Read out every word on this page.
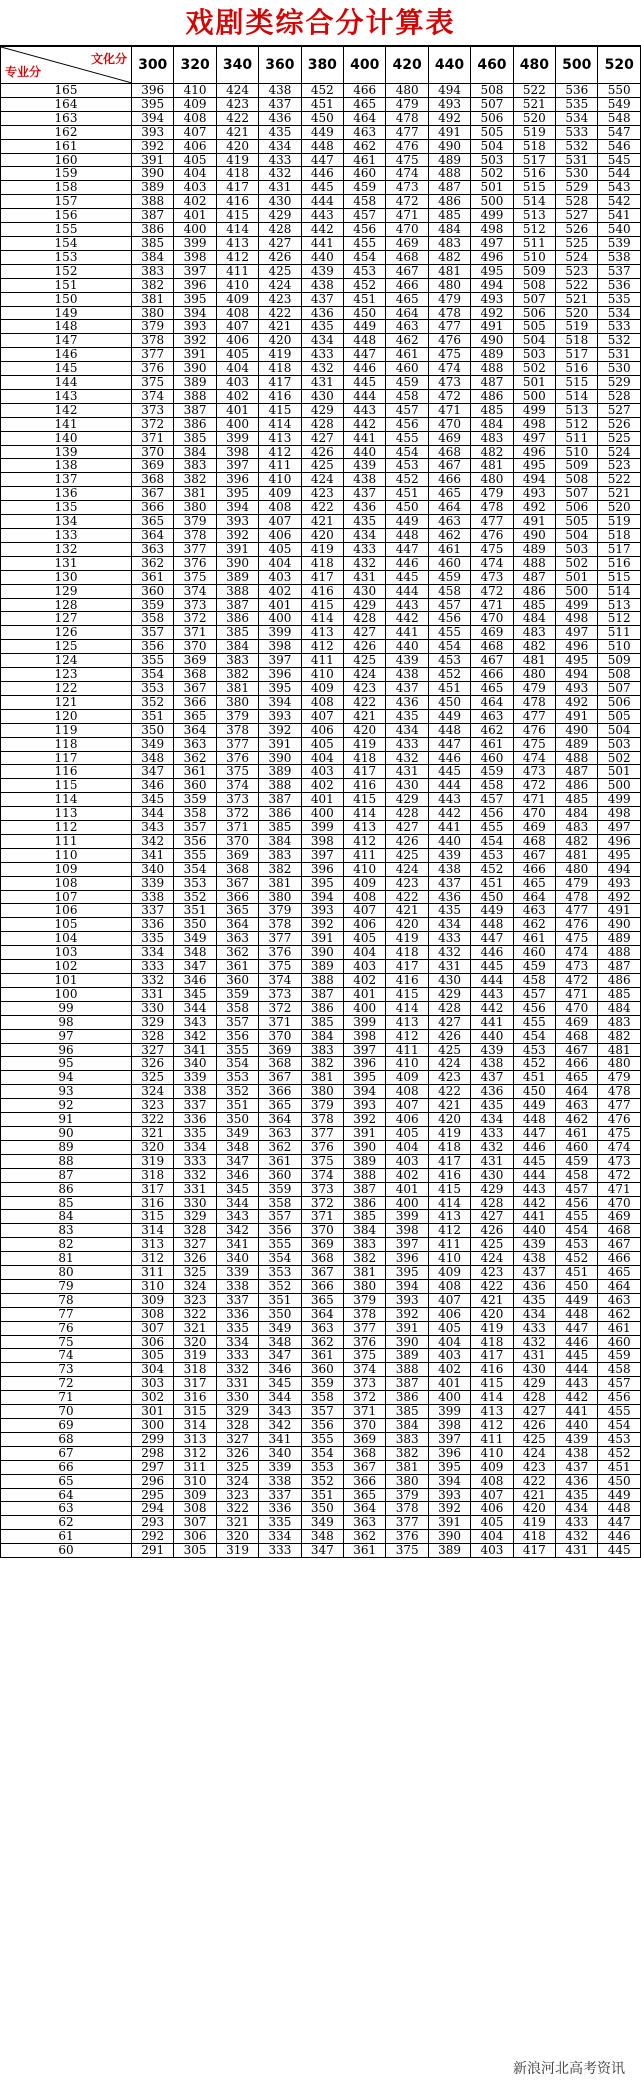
戏剧类综合分计算表
文化分
专业分	300	320	340	360	380	400	420	440	460	480	500	520
165	396	410	424	438	452	466	480	494	508	522	536	550
164	395	409	423	437	451	465	479	493	507	521	535	549
163	394	408	422	436	450	464	478	492	506	520	534	548
162	393	407	421	435	449	463	477	491	505	519	533	547
161	392	406	420	434	448	462	476	490	504	518	532	546
160	391	405	419	433	447	461	475	489	503	517	531	545
159	390	404	418	432	446	460	474	488	502	516	530	544
158	389	403	417	431	445	459	473	487	501	515	529	543
157	388	402	416	430	444	458	472	486	500	514	528	542
156	387	401	415	429	443	457	471	485	499	513	527	541
155	386	400	414	428	442	456	470	484	498	512	526	540
154	385	399	413	427	441	455	469	483	497	511	525	539
153	384	398	412	426	440	454	468	482	496	510	524	538
152	383	397	411	425	439	453	467	481	495	509	523	537
151	382	396	410	424	438	452	466	480	494	508	522	536
150	381	395	409	423	437	451	465	479	493	507	521	535
149	380	394	408	422	436	450	464	478	492	506	520	534
148	379	393	407	421	435	449	463	477	491	505	519	533
147	378	392	406	420	434	448	462	476	490	504	518	532
146	377	391	405	419	433	447	461	475	489	503	517	531
145	376	390	404	418	432	446	460	474	488	502	516	530
144	375	389	403	417	431	445	459	473	487	501	515	529
143	374	388	402	416	430	444	458	472	486	500	514	528
142	373	387	401	415	429	443	457	471	485	499	513	527
141	372	386	400	414	428	442	456	470	484	498	512	526
140	371	385	399	413	427	441	455	469	483	497	511	525
139	370	384	398	412	426	440	454	468	482	496	510	524
138	369	383	397	411	425	439	453	467	481	495	509	523
137	368	382	396	410	424	438	452	466	480	494	508	522
136	367	381	395	409	423	437	451	465	479	493	507	521
135	366	380	394	408	422	436	450	464	478	492	506	520
134	365	379	393	407	421	435	449	463	477	491	505	519
133	364	378	392	406	420	434	448	462	476	490	504	518
132	363	377	391	405	419	433	447	461	475	489	503	517
131	362	376	390	404	418	432	446	460	474	488	502	516
130	361	375	389	403	417	431	445	459	473	487	501	515
129	360	374	388	402	416	430	444	458	472	486	500	514
128	359	373	387	401	415	429	443	457	471	485	499	513
127	358	372	386	400	414	428	442	456	470	484	498	512
126	357	371	385	399	413	427	441	455	469	483	497	511
125	356	370	384	398	412	426	440	454	468	482	496	510
124	355	369	383	397	411	425	439	453	467	481	495	509
123	354	368	382	396	410	424	438	452	466	480	494	508
122	353	367	381	395	409	423	437	451	465	479	493	507
121	352	366	380	394	408	422	436	450	464	478	492	506
120	351	365	379	393	407	421	435	449	463	477	491	505
119	350	364	378	392	406	420	434	448	462	476	490	504
118	349	363	377	391	405	419	433	447	461	475	489	503
117	348	362	376	390	404	418	432	446	460	474	488	502
116	347	361	375	389	403	417	431	445	459	473	487	501
115	346	360	374	388	402	416	430	444	458	472	486	500
114	345	359	373	387	401	415	429	443	457	471	485	499
113	344	358	372	386	400	414	428	442	456	470	484	498
112	343	357	371	385	399	413	427	441	455	469	483	497
111	342	356	370	384	398	412	426	440	454	468	482	496
110	341	355	369	383	397	411	425	439	453	467	481	495
109	340	354	368	382	396	410	424	438	452	466	480	494
108	339	353	367	381	395	409	423	437	451	465	479	493
107	338	352	366	380	394	408	422	436	450	464	478	492
106	337	351	365	379	393	407	421	435	449	463	477	491
105	336	350	364	378	392	406	420	434	448	462	476	490
104	335	349	363	377	391	405	419	433	447	461	475	489
103	334	348	362	376	390	404	418	432	446	460	474	488
102	333	347	361	375	389	403	417	431	445	459	473	487
101	332	346	360	374	388	402	416	430	444	458	472	486
100	331	345	359	373	387	401	415	429	443	457	471	485
99	330	344	358	372	386	400	414	428	442	456	470	484
98	329	343	357	371	385	399	413	427	441	455	469	483
97	328	342	356	370	384	398	412	426	440	454	468	482
96	327	341	355	369	383	397	411	425	439	453	467	481
95	326	340	354	368	382	396	410	424	438	452	466	480
94	325	339	353	367	381	395	409	423	437	451	465	479
93	324	338	352	366	380	394	408	422	436	450	464	478
92	323	337	351	365	379	393	407	421	435	449	463	477
91	322	336	350	364	378	392	406	420	434	448	462	476
90	321	335	349	363	377	391	405	419	433	447	461	475
89	320	334	348	362	376	390	404	418	432	446	460	474
88	319	333	347	361	375	389	403	417	431	445	459	473
87	318	332	346	360	374	388	402	416	430	444	458	472
86	317	331	345	359	373	387	401	415	429	443	457	471
85	316	330	344	358	372	386	400	414	428	442	456	470
84	315	329	343	357	371	385	399	413	427	441	455	469
83	314	328	342	356	370	384	398	412	426	440	454	468
82	313	327	341	355	369	383	397	411	425	439	453	467
81	312	326	340	354	368	382	396	410	424	438	452	466
80	311	325	339	353	367	381	395	409	423	437	451	465
79	310	324	338	352	366	380	394	408	422	436	450	464
78	309	323	337	351	365	379	393	407	421	435	449	463
77	308	322	336	350	364	378	392	406	420	434	448	462
76	307	321	335	349	363	377	391	405	419	433	447	461
75	306	320	334	348	362	376	390	404	418	432	446	460
74	305	319	333	347	361	375	389	403	417	431	445	459
73	304	318	332	346	360	374	388	402	416	430	444	458
72	303	317	331	345	359	373	387	401	415	429	443	457
71	302	316	330	344	358	372	386	400	414	428	442	456
70	301	315	329	343	357	371	385	399	413	427	441	455
69	300	314	328	342	356	370	384	398	412	426	440	454
68	299	313	327	341	355	369	383	397	411	425	439	453
67	298	312	326	340	354	368	382	396	410	424	438	452
66	297	311	325	339	353	367	381	395	409	423	437	451
65	296	310	324	338	352	366	380	394	408	422	436	450
64	295	309	323	337	351	365	379	393	407	421	435	449
63	294	308	322	336	350	364	378	392	406	420	434	448
62	293	307	321	335	349	363	377	391	405	419	433	447
61	292	306	320	334	348	362	376	390	404	418	432	446
60	291	305	319	333	347	361	375	389	403	417	431	445
新浪河北高考资讯
